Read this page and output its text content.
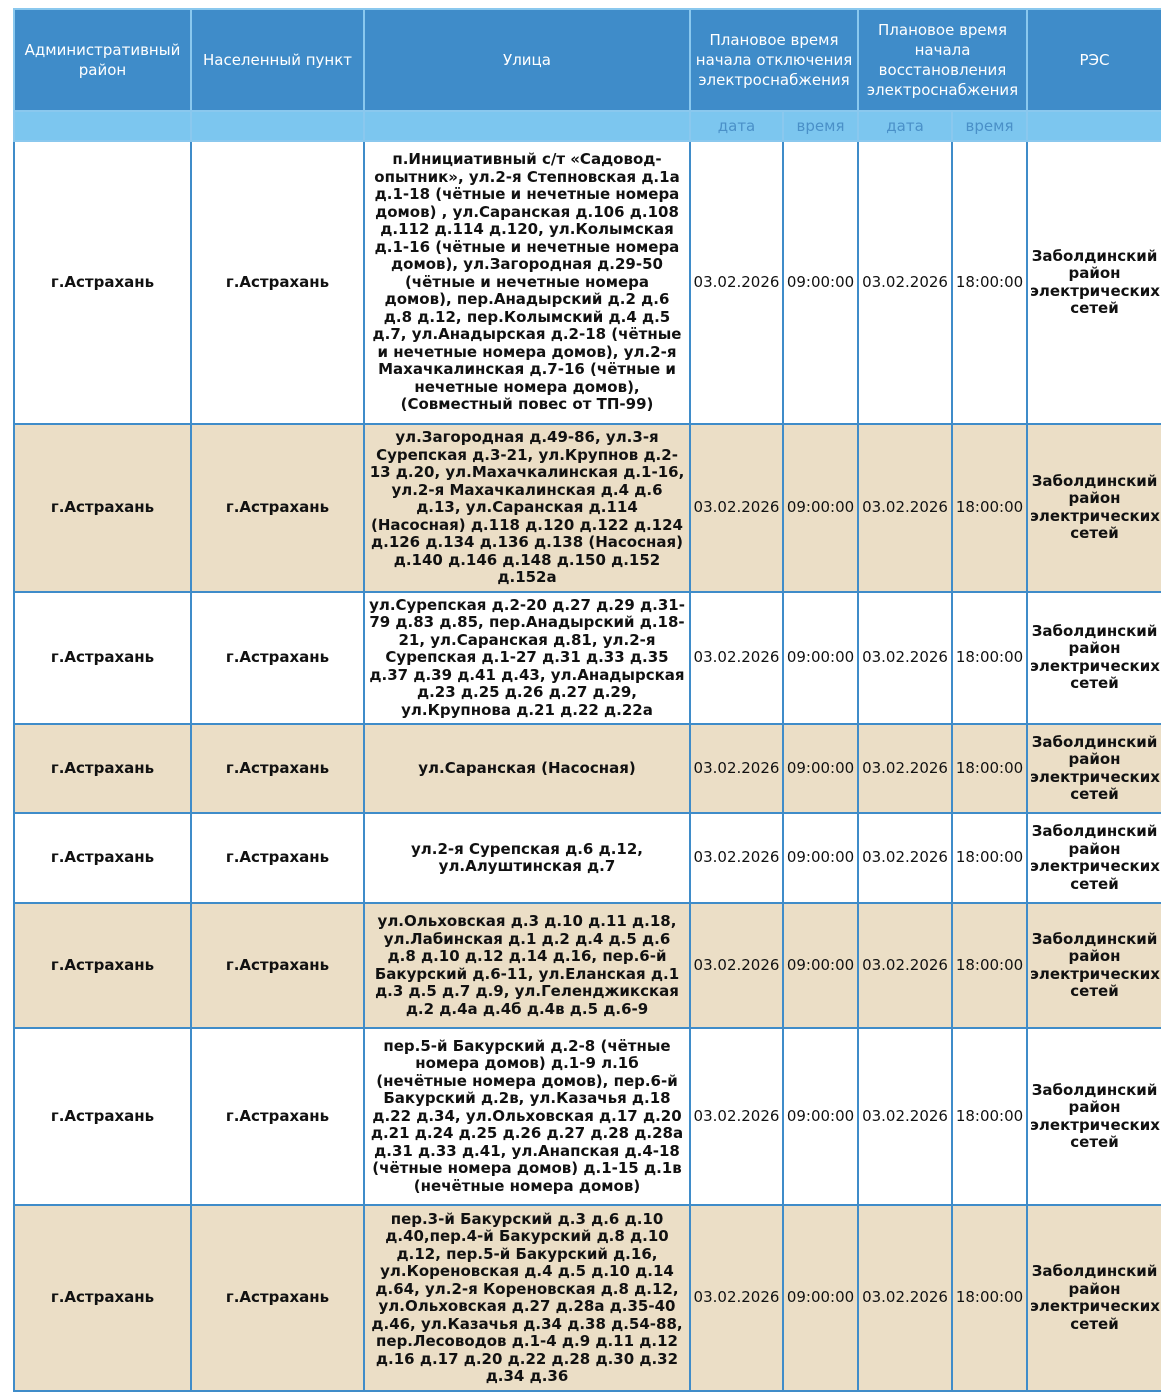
Административный район	Населенный пункт	Улица	Плановое время начала отключения электроснабжения		Плановое время начала восстановления электроснабжения		РЭС
			дата	время	дата	время	
г.Астрахань	г.Астрахань	п.Инициативный с/т «Садовод-опытник», ул.2-я Степновская д.1а д.1-18 (чётные и нечетные номера домов) , ул.Саранская д.106 д.108 д.112 д.114 д.120, ул.Колымская д.1-16 (чётные и нечетные номера домов), ул.Загородная д.29-50 (чётные и нечетные номера домов), пер.Анадырский д.2 д.6 д.8 д.12, пер.Колымский д.4 д.5 д.7, ул.Анадырская д.2-18 (чётные и нечетные номера домов), ул.2-я Махачкалинская д.7-16 (чётные и нечетные номера домов), (Совместный повес от ТП-99)	03.02.2026	09:00:00	03.02.2026	18:00:00	Заболдинский район электрических сетей
г.Астрахань	г.Астрахань	ул.Загородная д.49-86, ул.3-я Сурепская д.3-21, ул.Крупнов д.2-13 д.20, ул.Махачкалинская д.1-16, ул.2-я Махачкалинская д.4 д.6 д.13, ул.Саранская д.114 (Насосная) д.118 д.120 д.122 д.124 д.126 д.134 д.136 д.138 (Насосная) д.140 д.146 д.148 д.150 д.152 д.152а	03.02.2026	09:00:00	03.02.2026	18:00:00	Заболдинский район электрических сетей
г.Астрахань	г.Астрахань	ул.Сурепская д.2-20 д.27 д.29 д.31-79 д.83 д.85, пер.Анадырский д.18-21, ул.Саранская д.81, ул.2-я Сурепская д.1-27 д.31 д.33 д.35 д.37 д.39 д.41 д.43, ул.Анадырская д.23 д.25 д.26 д.27 д.29, ул.Крупнова д.21 д.22 д.22а	03.02.2026	09:00:00	03.02.2026	18:00:00	Заболдинский район электрических сетей
г.Астрахань	г.Астрахань	ул.Саранская (Насосная)	03.02.2026	09:00:00	03.02.2026	18:00:00	Заболдинский район электрических сетей
г.Астрахань	г.Астрахань	ул.2-я Сурепская д.6 д.12, ул.Алуштинская д.7	03.02.2026	09:00:00	03.02.2026	18:00:00	Заболдинский район электрических сетей
г.Астрахань	г.Астрахань	ул.Ольховская д.3 д.10 д.11 д.18, ул.Лабинская д.1 д.2 д.4 д.5 д.6 д.8 д.10 д.12 д.14 д.16, пер.6-й Бакурский д.6-11, ул.Еланская д.1 д.3 д.5 д.7 д.9, ул.Геленджикская д.2 д.4а д.4б д.4в д.5 д.6-9	03.02.2026	09:00:00	03.02.2026	18:00:00	Заболдинский район электрических сетей
г.Астрахань	г.Астрахань	пер.5-й Бакурский д.2-8 (чётные номера домов) д.1-9 л.1б (нечётные номера домов), пер.6-й Бакурский д.2в, ул.Казачья д.18 д.22 д.34, ул.Ольховская д.17 д.20 д.21 д.24 д.25 д.26 д.27 д.28 д.28а д.31 д.33 д.41, ул.Анапская д.4-18 (чётные номера домов) д.1-15 д.1в (нечётные номера домов)	03.02.2026	09:00:00	03.02.2026	18:00:00	Заболдинский район электрических сетей
г.Астрахань	г.Астрахань	пер.3-й Бакурский д.3 д.6 д.10 д.40,пер.4-й Бакурский д.8 д.10 д.12, пер.5-й Бакурский д.16, ул.Кореновская д.4 д.5 д.10 д.14 д.64, ул.2-я Кореновская д.8 д.12, ул.Ольховская д.27 д.28а д.35-40 д.46, ул.Казачья д.34 д.38 д.54-88, пер.Лесоводов д.1-4 д.9 д.11 д.12 д.16 д.17 д.20 д.22 д.28 д.30 д.32 д.34 д.36	03.02.2026	09:00:00	03.02.2026	18:00:00	Заболдинский район электрических сетей
